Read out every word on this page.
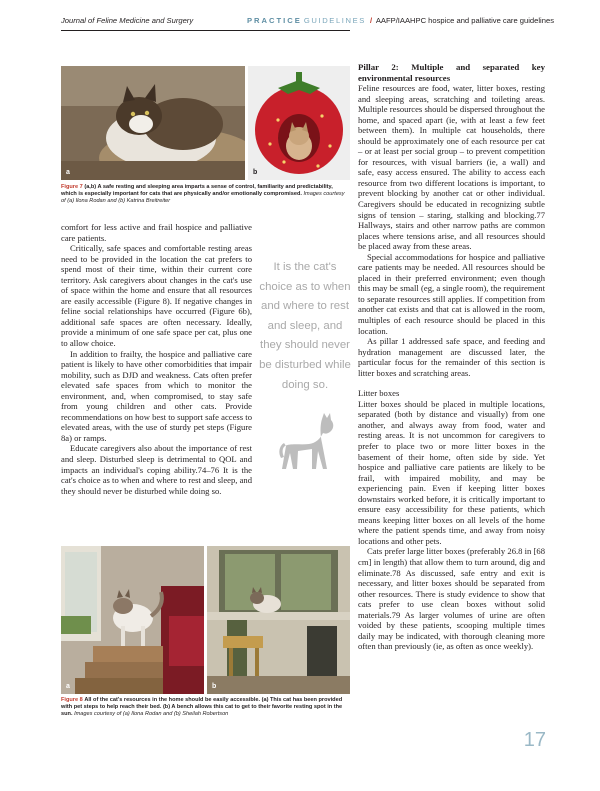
Journal of Feline Medicine and Surgery	PRACTICE GUIDELINES / AAFP/IAAHPC hospice and palliative care guidelines
a	b
Figure 7 (a,b) A safe resting and sleeping area imparts a sense of control, familiarity and predictability, which is especially important for cats that are physically and/or emotionally compromised. Images courtesy of (a) Ilona Rodan and (b) Katrina Breitreiter

comfort for less active and frail hospice and palliative care patients.

Critically, safe spaces and comfortable resting areas need to be provided in the location the cat prefers to spend most of their time, within their current core territory. Ask caregivers about changes in the cat's use of space within the home and ensure that all resources are easily accessible (Figure 8). If negative changes in feline social relationships have occurred (Figure 6b), additional safe spaces are often necessary. Ideally, provide a minimum of one safe space per cat, plus one to allow choice.

In addition to frailty, the hospice and palliative care patient is likely to have other comorbidities that impair mobility, such as DJD and weakness. Cats often prefer elevated safe spaces from which to monitor the environment, and, when compromised, to stay safe from young children and other cats. Provide recommendations on how best to support safe access to elevated areas, with the use of sturdy pet steps (Figure 8a) or ramps.

Educate caregivers also about the importance of rest and sleep. Disturbed sleep is detrimental to QOL and impacts an individual's coping ability.74–76 It is the cat's choice as to when and where to rest and sleep, and they should never be disturbed while doing so.

It is the cat's choice as to when and where to rest and sleep, and they should never be disturbed while doing so.
a	b
Figure 8 All of the cat's resources in the home should be easily accessible. (a) This cat has been provided with pet steps to help reach their bed. (b) A bench allows this cat to get to their favorite resting spot in the sun. Images courtesy of (a) Ilona Rodan and (b) Sheilah Robertson
Pillar 2: Multiple and separated key environmental resources

Feline resources are food, water, litter boxes, resting and sleeping areas, scratching and toileting areas. Multiple resources should be dispersed throughout the home, and spaced apart (ie, with at least a few feet between them). In multiple cat households, there should be approximately one of each resource per cat – or at least per social group – to prevent competition for resources, with visual barriers (ie, a wall) and safe, easy access ensured. The ability to access each resource from two different locations is important, to prevent blocking by another cat or other individual. Caregivers should be educated in recognizing subtle signs of tension – staring, stalking and blocking.77 Hallways, stairs and other narrow paths are common places where tensions arise, and all resources should be placed away from these areas.

Special accommodations for hospice and palliative care patients may be needed. All resources should be placed in their preferred environment; even though this may be small (eg, a single room), the requirement to separate resources still applies. If competition from another cat exists and that cat is allowed in the room, multiples of each resource should be placed in this location.

As pillar 1 addressed safe space, and feeding and hydration management are discussed later, the particular focus for the remainder of this section is litter boxes and scratching areas.

Litter boxes

Litter boxes should be placed in multiple locations, separated (both by distance and visually) from one another, and always away from food, water and resting areas. It is not uncommon for caregivers to prefer to place two or more litter boxes in the basement of their home, often side by side. Yet hospice and palliative care patients are likely to be frail, with impaired mobility, and may be experiencing pain. Even if keeping litter boxes downstairs worked before, it is critically important to ensure easy accessibility for these patients, which means keeping litter boxes on all levels of the home where the patient spends time, and away from noisy locations and other pets.

Cats prefer large litter boxes (preferably 26.8 in [68 cm] in length) that allow them to turn around, dig and eliminate.78 As discussed, safe entry and exit is necessary, and litter boxes should be separated from other resources. There is study evidence to show that cats prefer to use clean boxes without solid materials.79 As larger volumes of urine are often voided by these patients, scooping multiple times daily may be indicated, with thorough cleaning more often than previously (ie, as often as once weekly).

17
